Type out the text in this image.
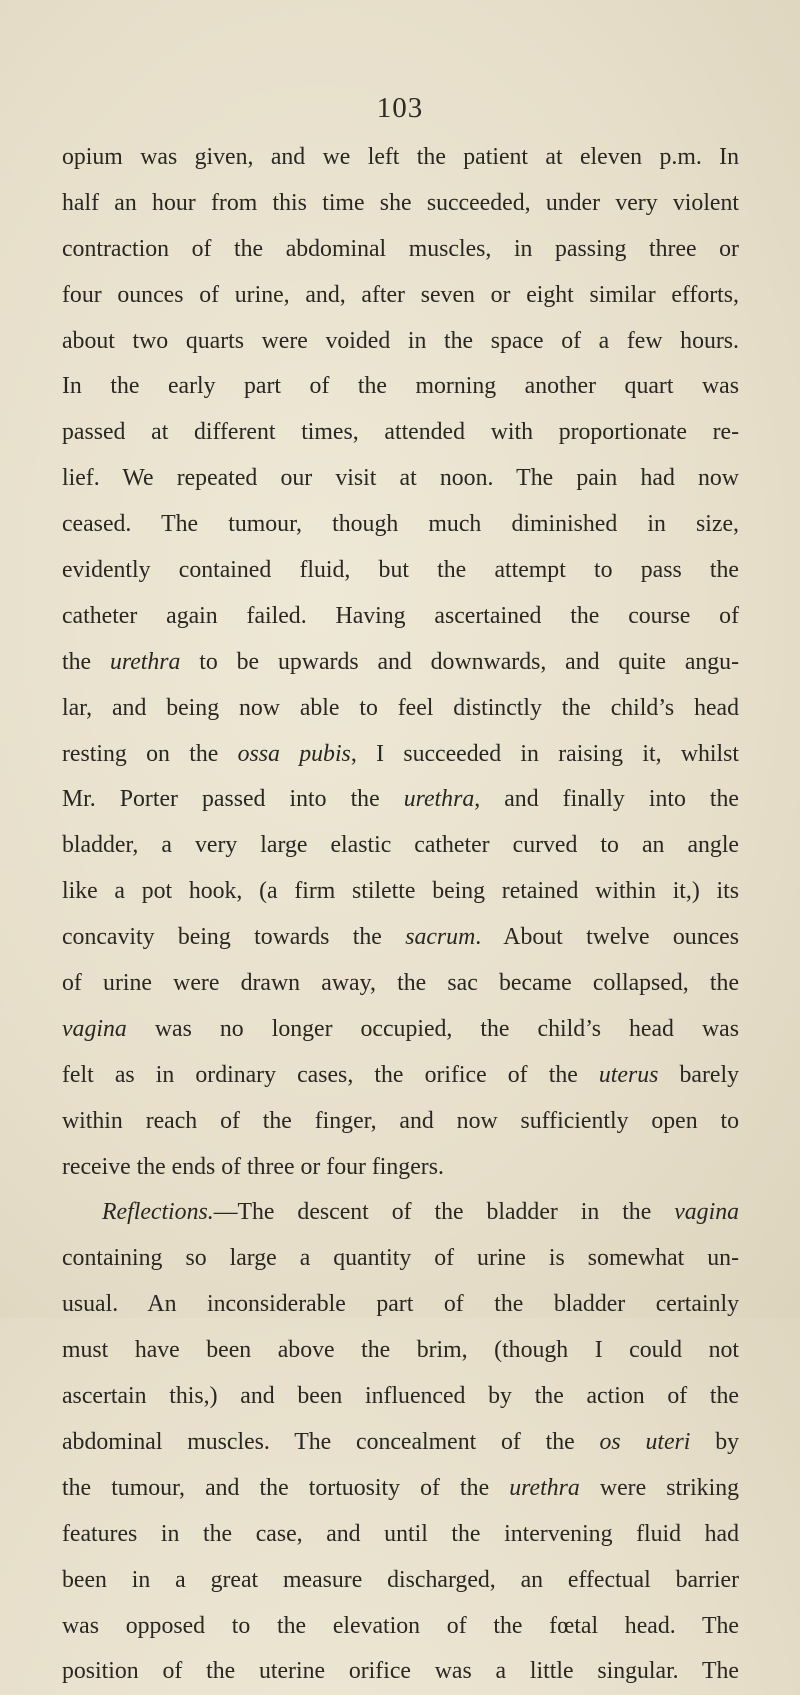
103
opium was given, and we left the patient at eleven p.m. In
half an hour from this time she succeeded, under very violent
contraction of the abdominal muscles, in passing three or
four ounces of urine, and, after seven or eight similar efforts,
about two quarts were voided in the space of a few hours.
In the early part of the morning another quart was
passed at different times, attended with proportionate re-
lief. We repeated our visit at noon. The pain had now
ceased. The tumour, though much diminished in size,
evidently contained fluid, but the attempt to pass the
catheter again failed. Having ascertained the course of
the urethra to be upwards and downwards, and quite angu-
lar, and being now able to feel distinctly the child’s head
resting on the ossa pubis, I succeeded in raising it, whilst
Mr. Porter passed into the urethra, and finally into the
bladder, a very large elastic catheter curved to an angle
like a pot hook, (a firm stilette being retained within it,) its
concavity being towards the sacrum. About twelve ounces
of urine were drawn away, the sac became collapsed, the
vagina was no longer occupied, the child’s head was
felt as in ordinary cases, the orifice of the uterus barely
within reach of the finger, and now sufficiently open to
receive the ends of three or four fingers.
Reflections.—The descent of the bladder in the vagina
containing so large a quantity of urine is somewhat un-
usual. An inconsiderable part of the bladder certainly
must have been above the brim, (though I could not
ascertain this,) and been influenced by the action of the
abdominal muscles. The concealment of the os uteri by
the tumour, and the tortuosity of the urethra were striking
features in the case, and until the intervening fluid had
been in a great measure discharged, an effectual barrier
was opposed to the elevation of the fœtal head. The
position of the uterine orifice was a little singular. The
